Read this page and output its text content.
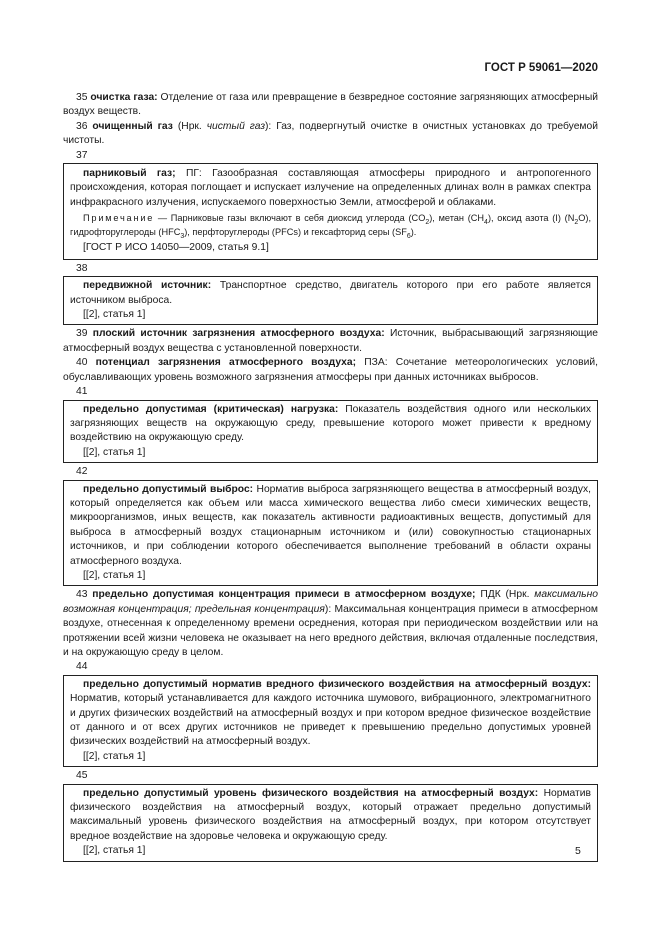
ГОСТ Р 59061—2020

35 очистка газа: Отделение от газа или превращение в безвредное состояние загрязняющих атмосферный воздух веществ.

36 очищенный газ (Нрк. чистый газ): Газ, подвергнутый очистке в очистных установках до требуемой чистоты.

37

парниковый газ; ПГ: Газообразная составляющая атмосферы природного и антропогенного происхождения, которая поглощает и испускает излучение на определенных длинах волн в рамках спектра инфракрасного излучения, испускаемого поверхностью Земли, атмосферой и облаками.

Примечание — Парниковые газы включают в себя диоксид углерода $(CO_2)$, метан $(CH_4)$, оксид азота (I) $(N_2O)$, гидрофторуглероды $(HFC_3)$, перфторуглероды (PFCs) и гексафторид серы $(SF_6)$.

[ГОСТ Р ИСО 14050—2009, статья 9.1]
38

передвижной источник: Транспортное средство, двигатель которого при его работе является источником выброса.

[[2], статья 1]

39 плоский источник загрязнения атмосферного воздуха: Источник, выбрасывающий загрязняющие атмосферный воздух вещества с установленной поверхности.

40 потенциал загрязнения атмосферного воздуха; ПЗА: Сочетание метеорологических условий, обуславливающих уровень возможного загрязнения атмосферы при данных источниках выбросов.

41

предельно допустимая (критическая) нагрузка: Показатель воздействия одного или нескольких загрязняющих веществ на окружающую среду, превышение которого может привести к вредному воздействию на окружающую среду.

[[2], статья 1]
42

предельно допустимый выброс: Норматив выброса загрязняющего вещества в атмосферный воздух, который определяется как объем или масса химического вещества либо смеси химических веществ, микроорганизмов, иных веществ, как показатель активности радиоактивных веществ, допустимый для выброса в атмосферный воздух стационарным источником и (или) совокупностью стационарных источников, и при соблюдении которого обеспечивается выполнение требований в области охраны атмосферного воздуха.

[[2], статья 1]

43 предельно допустимая концентрация примеси в атмосферном воздухе; ПДК (Нрк. максимально возможная концентрация; предельная концентрация): Максимальная концентрация примеси в атмосферном воздухе, отнесенная к определенному времени осреднения, которая при периодическом воздействии или на протяжении всей жизни человека не оказывает на него вредного действия, включая отдаленные последствия, и на окружающую среду в целом.

44

предельно допустимый норматив вредного физического воздействия на атмосферный воздух: Норматив, который устанавливается для каждого источника шумового, вибрационного, электромагнитного и других физических воздействий на атмосферный воздух и при котором вредное физическое воздействие от данного и от всех других источников не приведет к превышению предельно допустимых уровней физических воздействий на атмосферный воздух.

[[2], статья 1]
45

предельно допустимый уровень физического воздействия на атмосферный воздух: Норматив физического воздействия на атмосферный воздух, который отражает предельно допустимый максимальный уровень физического воздействия на атмосферный воздух, при котором отсутствует вредное воздействие на здоровье человека и окружающую среду.

[[2], статья 1]	5
